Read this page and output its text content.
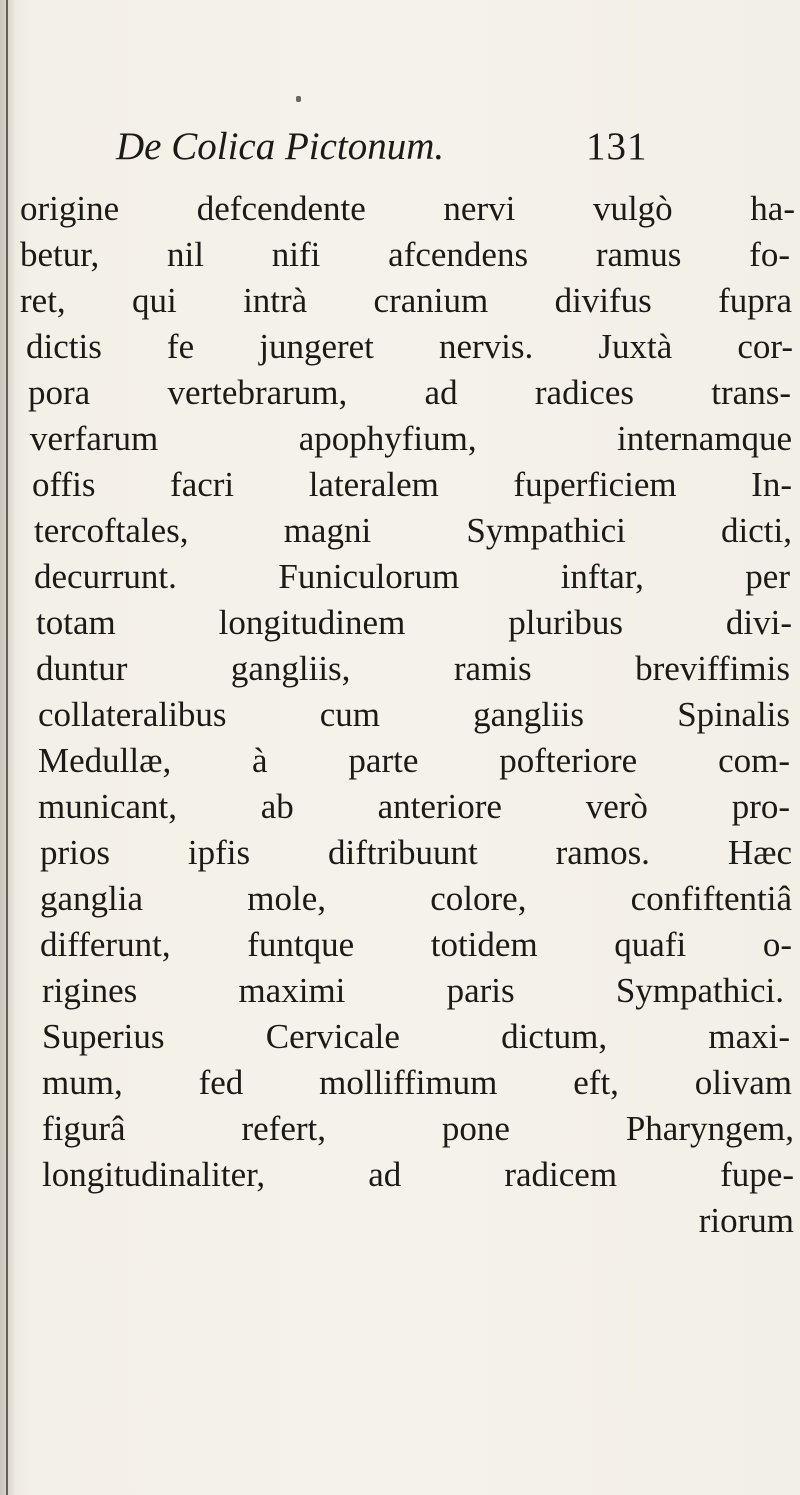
De Colica Pictonum.	131
origine defcendente nervi vulgò ha-
betur, nil nifi afcendens ramus fo-
ret, qui intrà cranium divifus fupra
dictis fe jungeret nervis. Juxtà cor-
pora vertebrarum, ad radices trans-
verfarum apophyfium, internamque
offis facri lateralem fuperficiem In-
tercoftales, magni Sympathici dicti,
decurrunt. Funiculorum inftar, per
totam longitudinem pluribus divi-
duntur gangliis, ramis breviffimis
collateralibus cum gangliis Spinalis
Medullæ, à parte pofteriore com-
municant, ab anteriore verò pro-
prios ipfis diftribuunt ramos. Hæc
ganglia mole, colore, confiftentiâ
differunt, funtque totidem quafi o-
rigines maximi paris Sympathici.
Superius Cervicale dictum, maxi-
mum, fed molliffimum eft, olivam
figurâ refert, pone Pharyngem,
longitudinaliter, ad radicem fupe-
riorum
